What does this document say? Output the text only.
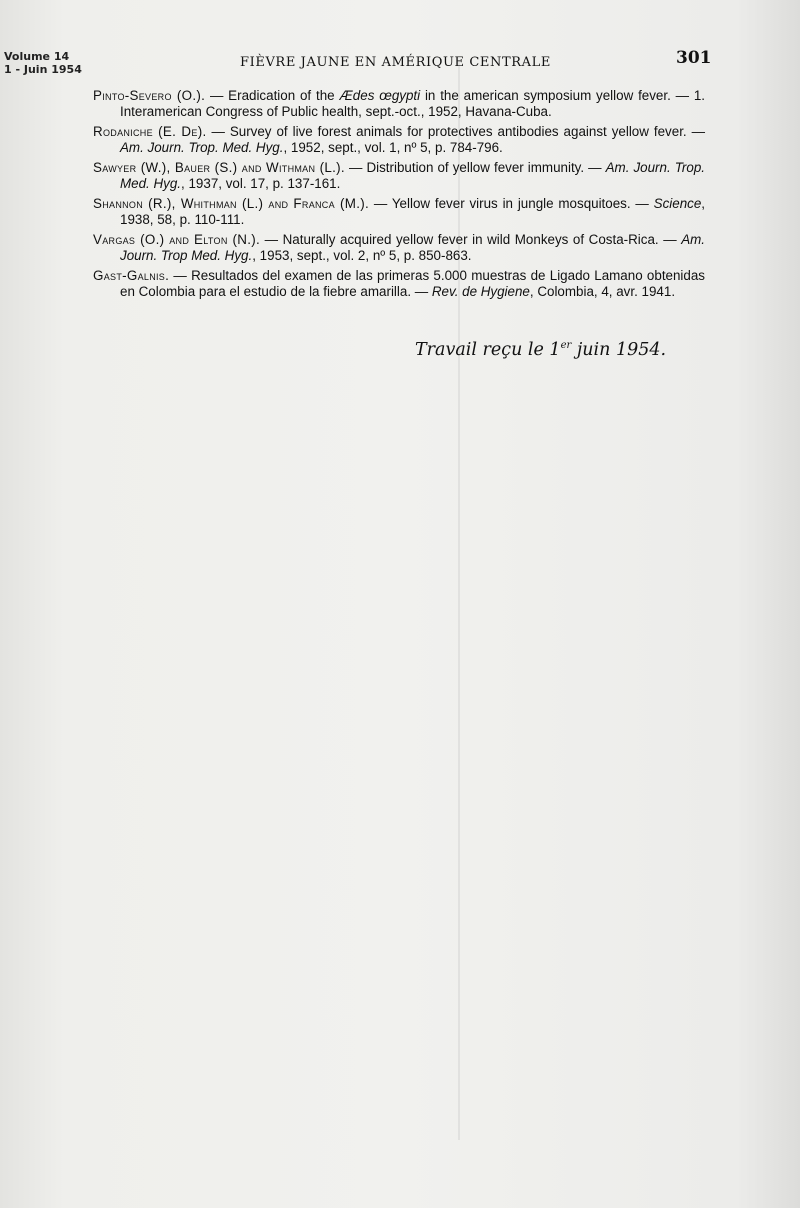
Volume 14
1 - Juin 1954	FIÈVRE JAUNE EN AMÉRIQUE CENTRALE	301

Pinto-Severo (O.). — Eradication of the Ædes œgypti in the american symposium yellow fever. — 1. Interamerican Congress of Public health, sept.-oct., 1952, Havana-Cuba.

Rodaniche (E. De). — Survey of live forest animals for protectives antibodies against yellow fever. — Am. Journ. Trop. Med. Hyg., 1952, sept., vol. 1, nº 5, p. 784-796.

Sawyer (W.), Bauer (S.) and Withman (L.). — Distribution of yellow fever immunity. — Am. Journ. Trop. Med. Hyg., 1937, vol. 17, p. 137-161.

Shannon (R.), Whithman (L.) and Franca (M.). — Yellow fever virus in jungle mosquitoes. — Science, 1938, 58, p. 110-111.

Vargas (O.) and Elton (N.). — Naturally acquired yellow fever in wild Monkeys of Costa-Rica. — Am. Journ. Trop Med. Hyg., 1953, sept., vol. 2, nº 5, p. 850-863.

Gast-Galnis. — Resultados del examen de las primeras 5.000 muestras de Ligado Lamano obtenidas en Colombia para el estudio de la fiebre amarilla. — Rev. de Hygiene, Colombia, 4, avr. 1941.

Travail reçu le 1er juin 1954.
